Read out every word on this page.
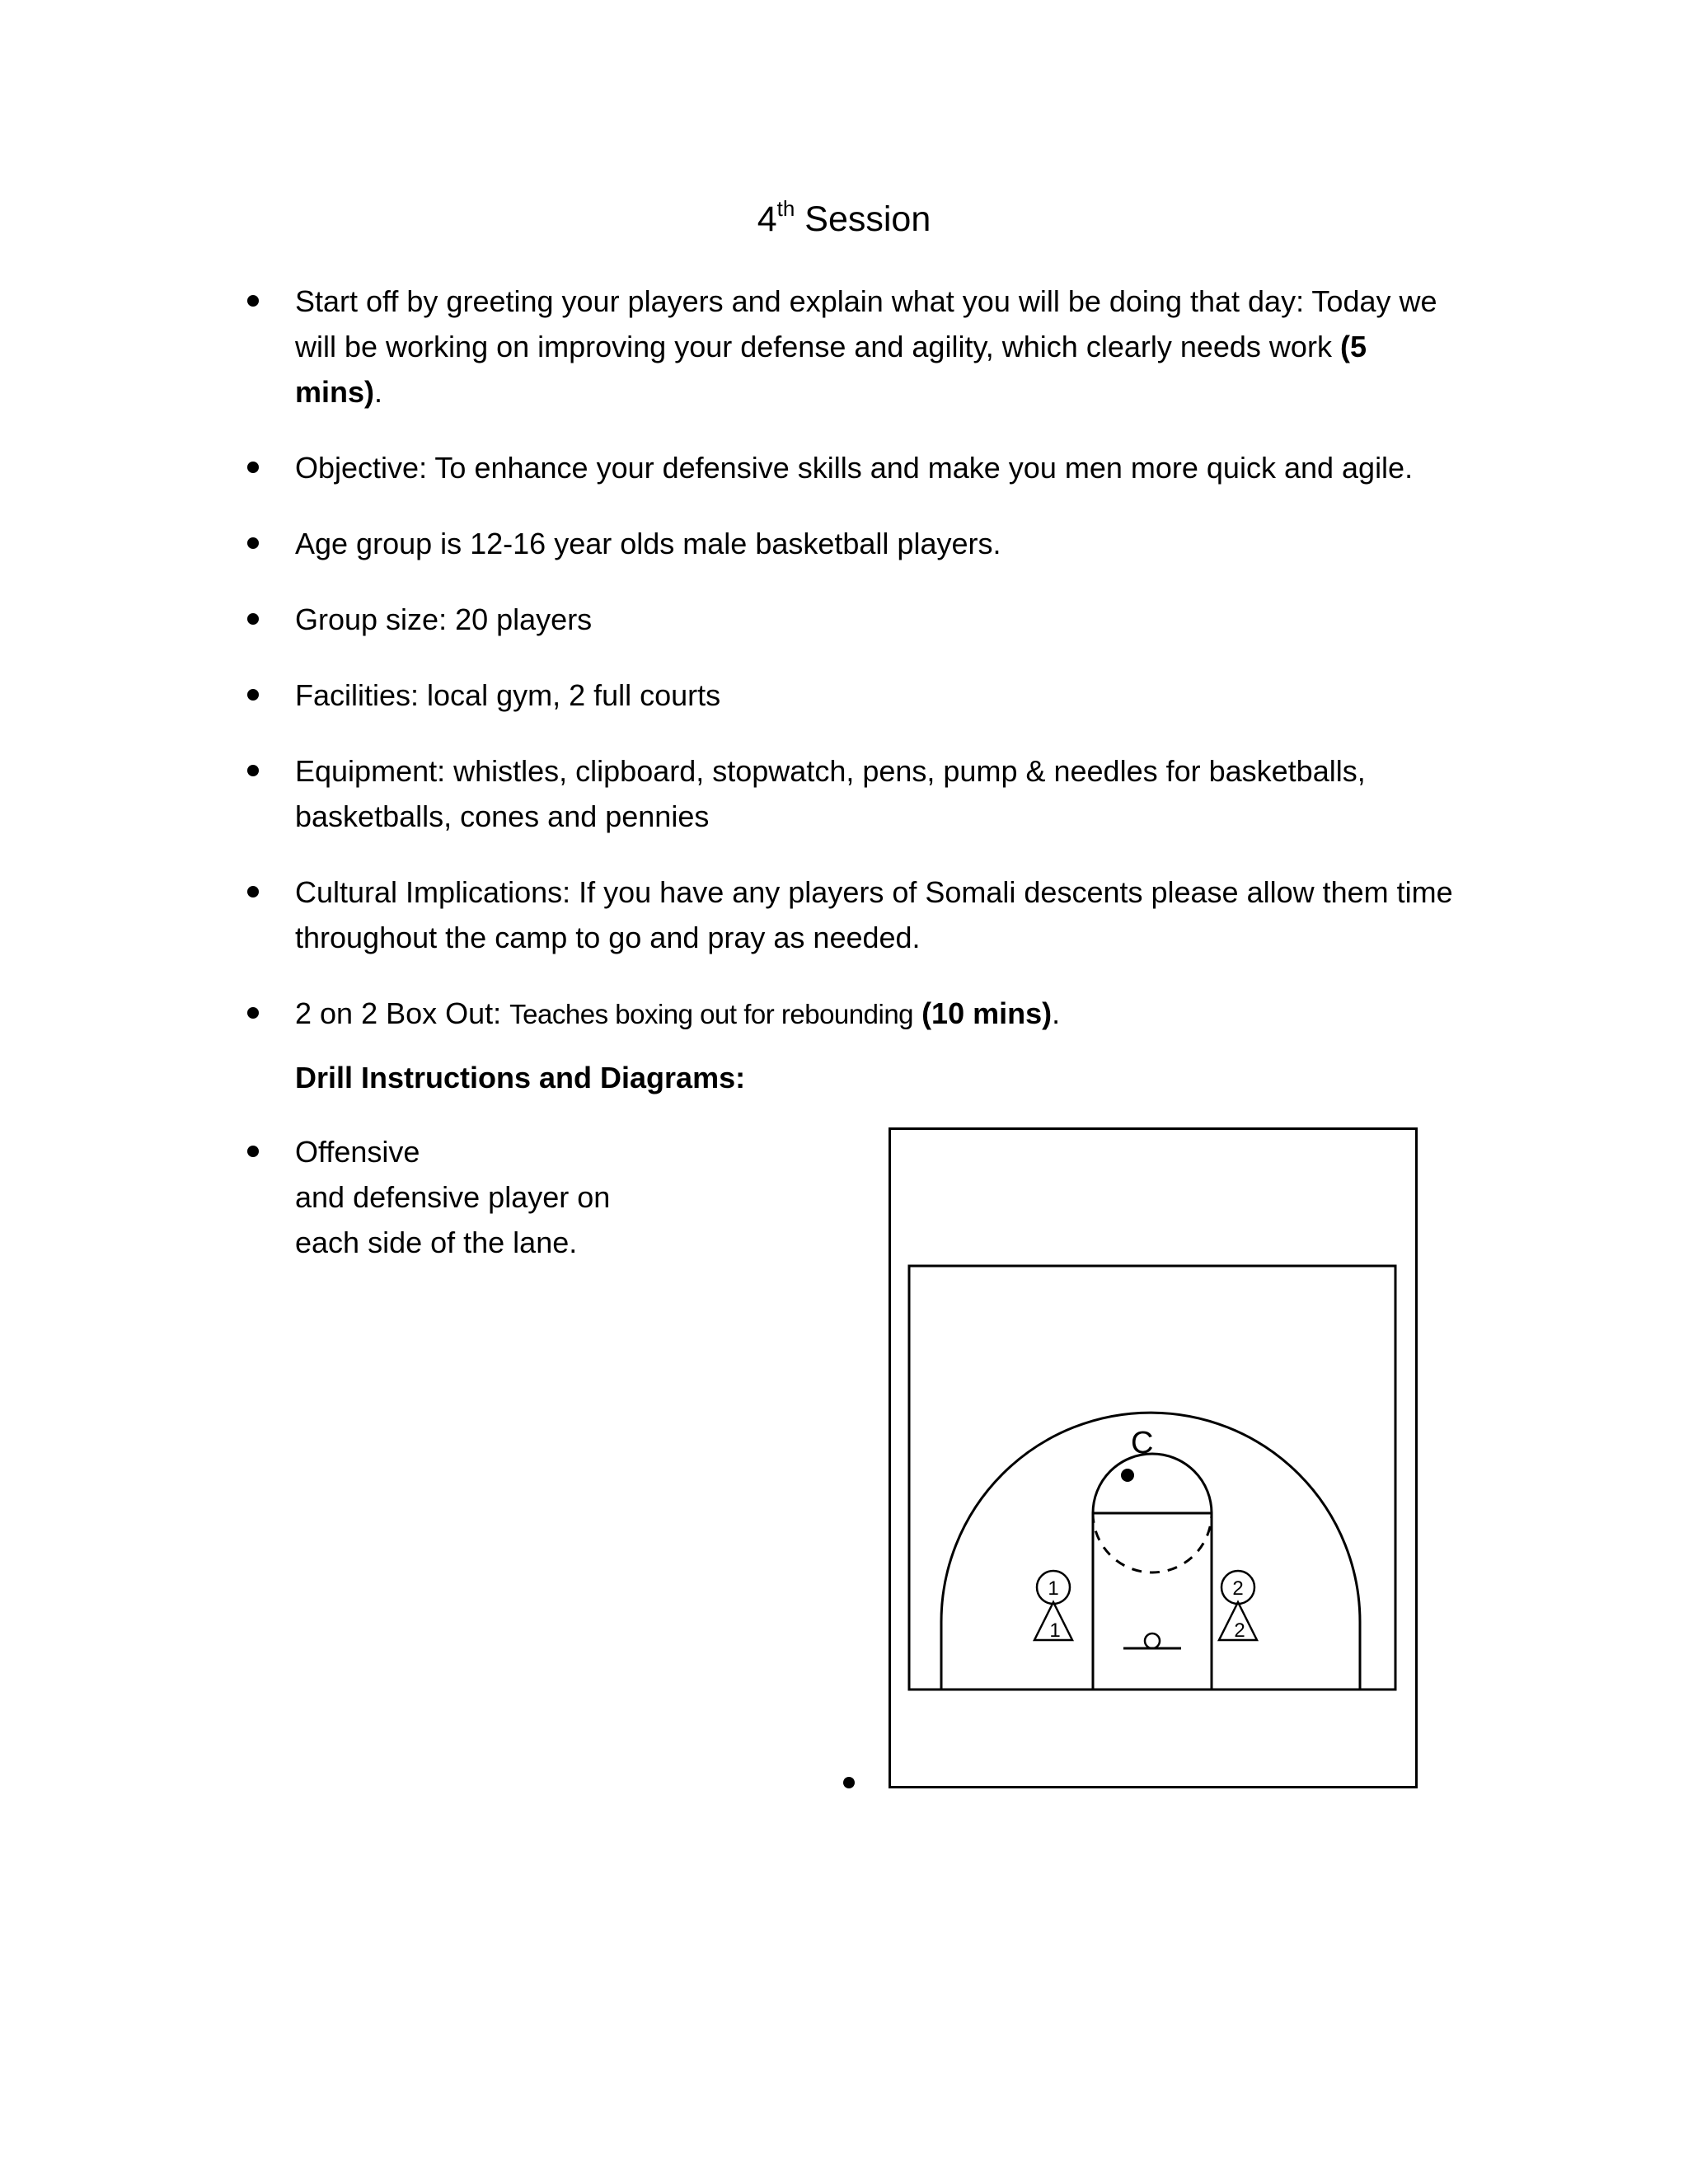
4th Session
Start off by greeting your players and explain what you will be doing that day: Today we will be working on improving your defense and agility, which clearly needs work (5 mins).
Objective: To enhance your defensive skills and make you men more quick and agile.
Age group is 12-16 year olds male basketball players.
Group size: 20 players
Facilities: local gym, 2 full courts
Equipment: whistles, clipboard, stopwatch, pens, pump & needles for basketballs, basketballs, cones and pennies
Cultural Implications: If you have any players of Somali descents please allow them time throughout the camp to go and pray as needed.
2 on 2 Box Out: Teaches boxing out for rebounding (10 mins).
Drill Instructions and Diagrams:
Offensive
and defensive player on
each side of the lane.
C
1
1
2
2
